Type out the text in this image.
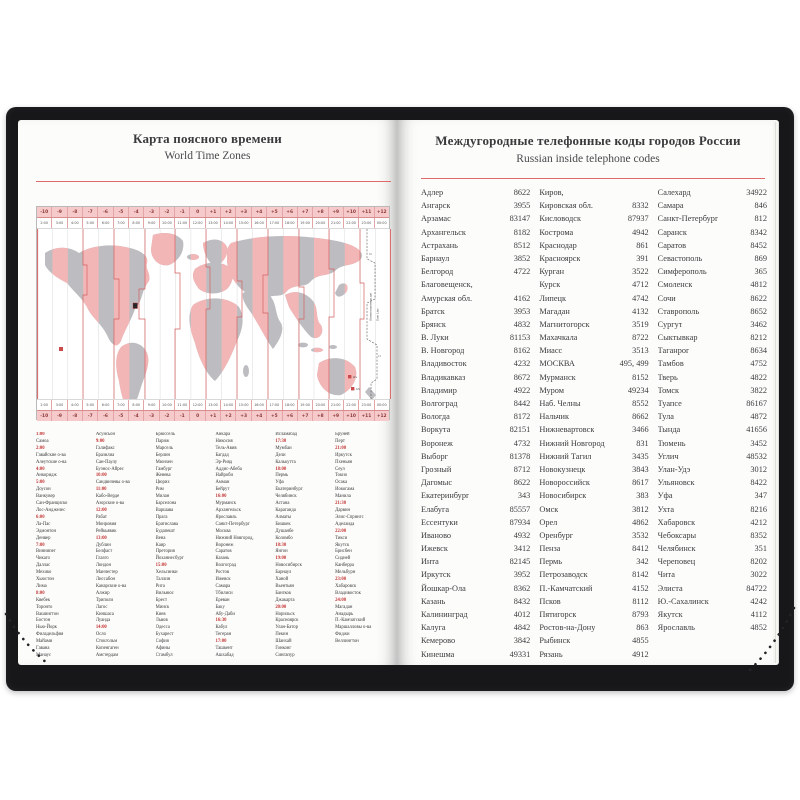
Карта поясного времени
World Time Zones
-10	-9	-8	-7	-6	-5	-4	-3	-2	-1	0	+1	+2	+3	+4	+5	+6	+7	+8	+9	+10	+11	+12
2:00	3:00	4:00	5:00	6:00	7:00	8:00	9:00	10:00	11:00	12:00	13:00	14:00	15:00	16:00	17:00	18:00	19:00	20:00	21:00	22:00	23:00	00:00
Линия перемены дат Date Line
10
12
11ч
12ч
2:00	3:00	4:00	5:00	6:00	7:00	8:00	9:00	10:00	11:00	12:00	13:00	14:00	15:00	16:00	17:00	18:00	19:00	20:00	21:00	22:00	23:00	00:00
-10	-9	-8	-7	-6	-5	-4	-3	-2	-1	0	+1	+2	+3	+4	+5	+6	+7	+8	+9	+10	+11	+12
1:00
Самоа
2:00
Гавайские о-ва
Алеутские о-ва
4:00
Анкоридж
5:00
Доусон
Ванкувер
Сан-Франциско
Лос-Анджелес
6:00
Ла-Пас
Эдмонтон
Денвер
7:00
Виннипег
Чикаго
Даллас
Мехико
Хьюстон
Лима
8:00
Квебек
Торонто
Вашингтон
Бостон
Нью-Йорк
Филадельфия
Майами
Гавана
Манаус
Асунсьон
9:00
Галифакс
Бразилиа
Сан-Паулу
Буэнос-Айрес
10:00
Сандвичевы о-ва
11:00
Кабо-Верде
Азорские о-ва
12:00
Рабат
Монровия
Рейкьявик
13:00
Дублин
Белфаст
Глазго
Лондон
Манчестер
Лиссабон
Канарские о-ва
Алжир
Триполи
Лагос
Киншаса
Луанда
14:00
Осло
Стокгольм
Копенгаген
Амстердам
Брюссель
Париж
Марсель
Берлин
Мюнхен
Гамбург
Женева
Цюрих
Рим
Милан
Барселона
Варшава
Прага
Братислава
Будапешт
Вена
Каир
Претория
Йоханнесбург
15:00
Хельсинки
Таллин
Рига
Вильнюс
Брест
Минск
Киев
Львов
Одесса
Бухарест
София
Афины
Стамбул
Анкара
Никосия
Тель-Авив
Багдад
Эр-Рияд
Аддис-Абеба
Найроби
Амман
Бейрут
16:00
Мурманск
Архангельск
Ярославль
Санкт-Петербург
Москва
Нижний Новгород,
Воронеж
Саратов
Казань
Волгоград
Ростов
Ижевск
Самара
Тбилиси
Ереван
Баку
Абу-Даби
16:30
Кабул
Тегеран
17:00
Ташкент
Ашхабад
Исламабад
17:30
Мумбаи
Дели
Калькутта
18:00
Пермь
Уфа
Екатеринбург
Челябинск
Астана
Караганда
Алматы
Бишкек
Душанбе
Коломбо
18:30
Янгон
19:00
Новосибирск
Барнаул
Ханой
Вьентьян
Бангкок
Джакарта
20:00
Норильск
Красноярск
Улан-Батор
Пекин
Шанхай
Гонконг
Сингапур
Бруней
Перт
21:00
Иркутск
Пхеньян
Сеул
Токио
Осака
Иокогама
Манила
21:30
Дарвин
Элис-Спрингс
Аделаида
22:00
Тикси
Якутск
Брисбен
Сидней
Канберра
Мельбурн
23:00
Хабаровск
Владивосток
24:00
Магадан
Анадырь
П.-Камчатский
Маршалловы о-ва
Фиджи
Веллингтон
Междугородные телефонные коды городов России
Russian inside telephone codes
Адлер	8622
Ангарск	3955
Арзамас	83147
Архангельск	8182
Астрахань	8512
Барнаул	3852
Белгород	4722
Благовещенск,
Амурская обл.	4162
Братск	3953
Брянск	4832
В. Луки	81153
В. Новгород	8162
Владивосток	4232
Владикавказ	8672
Владимир	4922
Волгоград	8442
Вологда	8172
Воркута	82151
Воронеж	4732
Выборг	81378
Грозный	8712
Дагомыс	8622
Екатеринбург	343
Елабуга	85557
Ессентуки	87934
Иваново	4932
Ижевск	3412
Инта	82145
Иркутск	3952
Йошкар-Ола	8362
Казань	8432
Калининград	4012
Калуга	4842
Кемерово	3842
Кинешма	49331
Киров,
Кировская обл.	8332
Кисловодск	87937
Кострома	4942
Краснодар	861
Красноярск	391
Курган	3522
Курск	4712
Липецк	4742
Магадан	4132
Магнитогорск	3519
Махачкала	8722
Миасс	3513
МОСКВА	495, 499
Мурманск	8152
Муром	49234
Наб. Челны	8552
Нальчик	8662
Нижневартовск	3466
Нижний Новгород	831
Нижний Тагил	3435
Новокузнецк	3843
Новороссийск	8617
Новосибирск	383
Омск	3812
Орел	4862
Оренбург	3532
Пенза	8412
Пермь	342
Петрозаводск	8142
П.-Камчатский	4152
Псков	8112
Пятигорск	8793
Ростов-на-Дону	863
Рыбинск	4855
Рязань	4912
Салехард	34922
Самара	846
Санкт-Петербург	812
Саранск	8342
Саратов	8452
Севастополь	869
Симферополь	365
Смоленск	4812
Сочи	8622
Ставрополь	8652
Сургут	3462
Сыктывкар	8212
Таганрог	8634
Тамбов	4752
Тверь	4822
Томск	3822
Туапсе	86167
Тула	4872
Тында	41656
Тюмень	3452
Углич	48532
Улан-Удэ	3012
Ульяновск	8422
Уфа	347
Ухта	8216
Хабаровск	4212
Чебоксары	8352
Челябинск	351
Череповец	8202
Чита	3022
Элиста	84722
Ю.-Сахалинск	4242
Якутск	4112
Ярославль	4852
